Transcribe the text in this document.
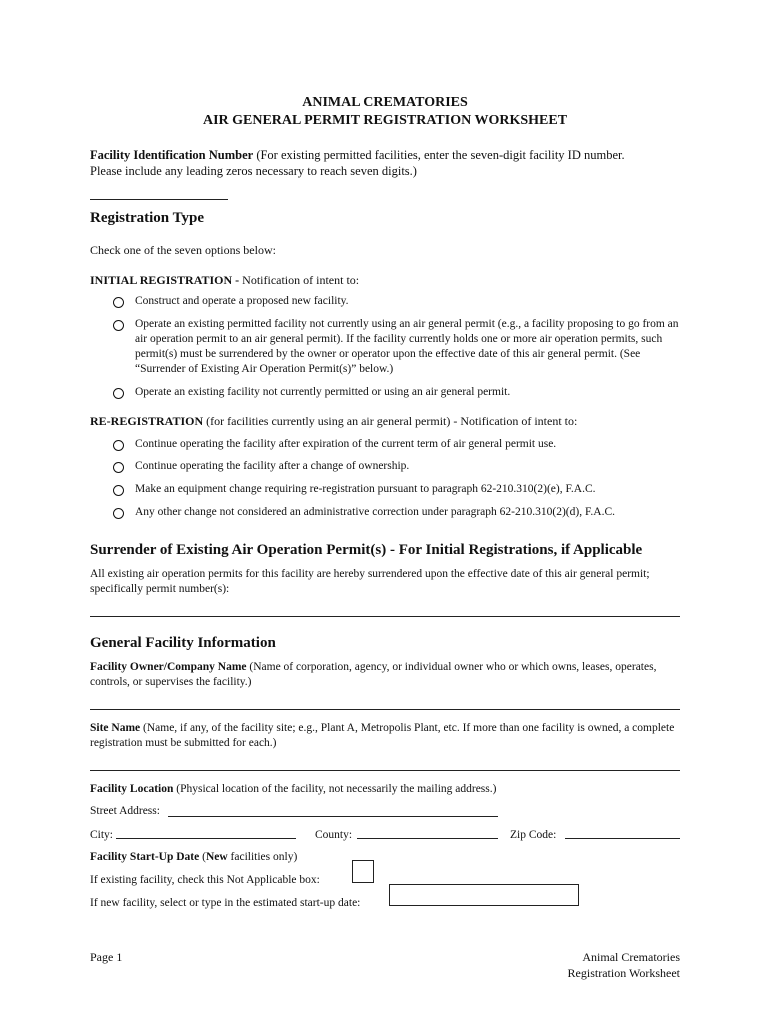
ANIMAL CREMATORIES
AIR GENERAL PERMIT REGISTRATION WORKSHEET
Facility Identification Number (For existing permitted facilities, enter the seven-digit facility ID number. Please include any leading zeros necessary to reach seven digits.)
Registration Type
Check one of the seven options below:
INITIAL REGISTRATION - Notification of intent to:
Construct and operate a proposed new facility.
Operate an existing permitted facility not currently using an air general permit (e.g., a facility proposing to go from an air operation permit to an air general permit). If the facility currently holds one or more air operation permits, such permit(s) must be surrendered by the owner or operator upon the effective date of this air general permit. (See “Surrender of Existing Air Operation Permit(s)” below.)
Operate an existing facility not currently permitted or using an air general permit.
RE-REGISTRATION (for facilities currently using an air general permit) - Notification of intent to:
Continue operating the facility after expiration of the current term of air general permit use.
Continue operating the facility after a change of ownership.
Make an equipment change requiring re-registration pursuant to paragraph 62-210.310(2)(e), F.A.C.
Any other change not considered an administrative correction under paragraph 62-210.310(2)(d), F.A.C.
Surrender of Existing Air Operation Permit(s) - For Initial Registrations, if Applicable
All existing air operation permits for this facility are hereby surrendered upon the effective date of this air general permit; specifically permit number(s):
General Facility Information
Facility Owner/Company Name (Name of corporation, agency, or individual owner who or which owns, leases, operates, controls, or supervises the facility.)
Site Name (Name, if any, of the facility site; e.g., Plant A, Metropolis Plant, etc. If more than one facility is owned, a complete registration must be submitted for each.)
Facility Location (Physical location of the facility, not necessarily the mailing address.)
Street Address:
City:	County:	Zip Code:
Facility Start-Up Date (New facilities only)
If existing facility, check this Not Applicable box:
If new facility, select or type in the estimated start-up date:
Page 1	Animal Crematories
Registration Worksheet
